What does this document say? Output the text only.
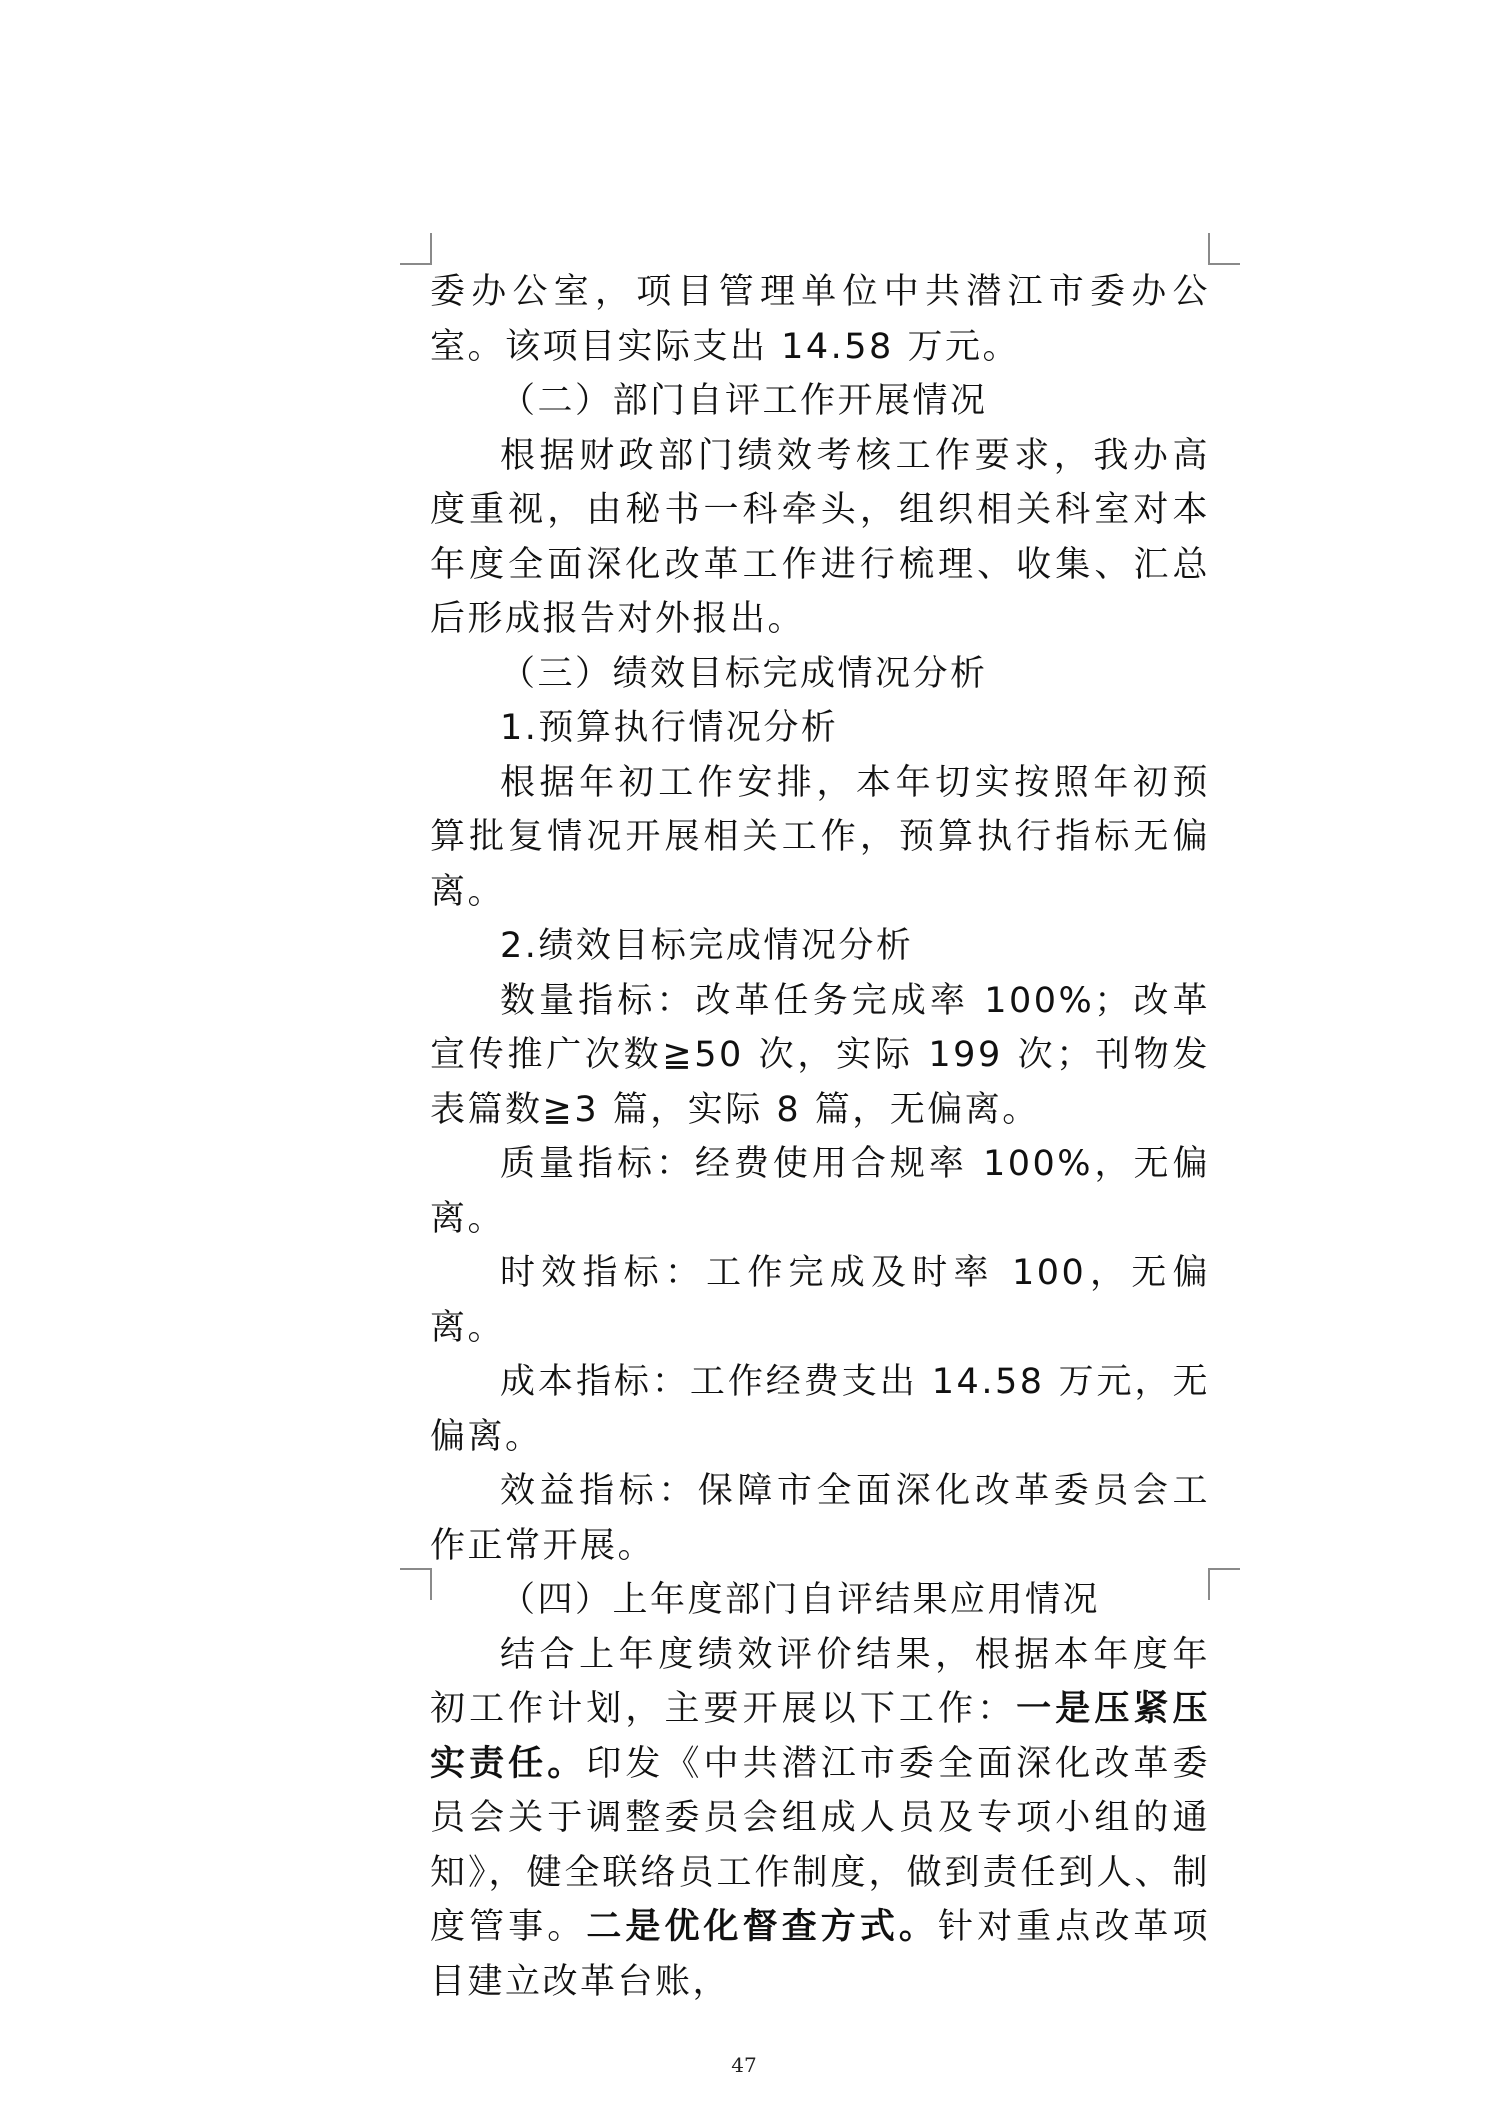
委办公室，项目管理单位中共潜江市委办公室。该项目实际支出 14.58 万元。

（二）部门自评工作开展情况

根据财政部门绩效考核工作要求，我办高度重视，由秘书一科牵头，组织相关科室对本年度全面深化改革工作进行梳理、收集、汇总后形成报告对外报出。

（三）绩效目标完成情况分析

1.预算执行情况分析

根据年初工作安排，本年切实按照年初预算批复情况开展相关工作，预算执行指标无偏离。

2.绩效目标完成情况分析

数量指标：改革任务完成率 100%；改革宣传推广次数≧50 次，实际 199 次；刊物发表篇数≧3 篇，实际 8 篇，无偏离。

质量指标：经费使用合规率 100%，无偏离。

时效指标：工作完成及时率 100，无偏离。

成本指标：工作经费支出 14.58 万元，无偏离。

效益指标：保障市全面深化改革委员会工作正常开展。

（四）上年度部门自评结果应用情况

结合上年度绩效评价结果，根据本年度年初工作计划，主要开展以下工作：一是压紧压实责任。印发《中共潜江市委全面深化改革委员会关于调整委员会组成人员及专项小组的通知》，健全联络员工作制度，做到责任到人、制度管事。二是优化督查方式。针对重点改革项目建立改革台账，

47
